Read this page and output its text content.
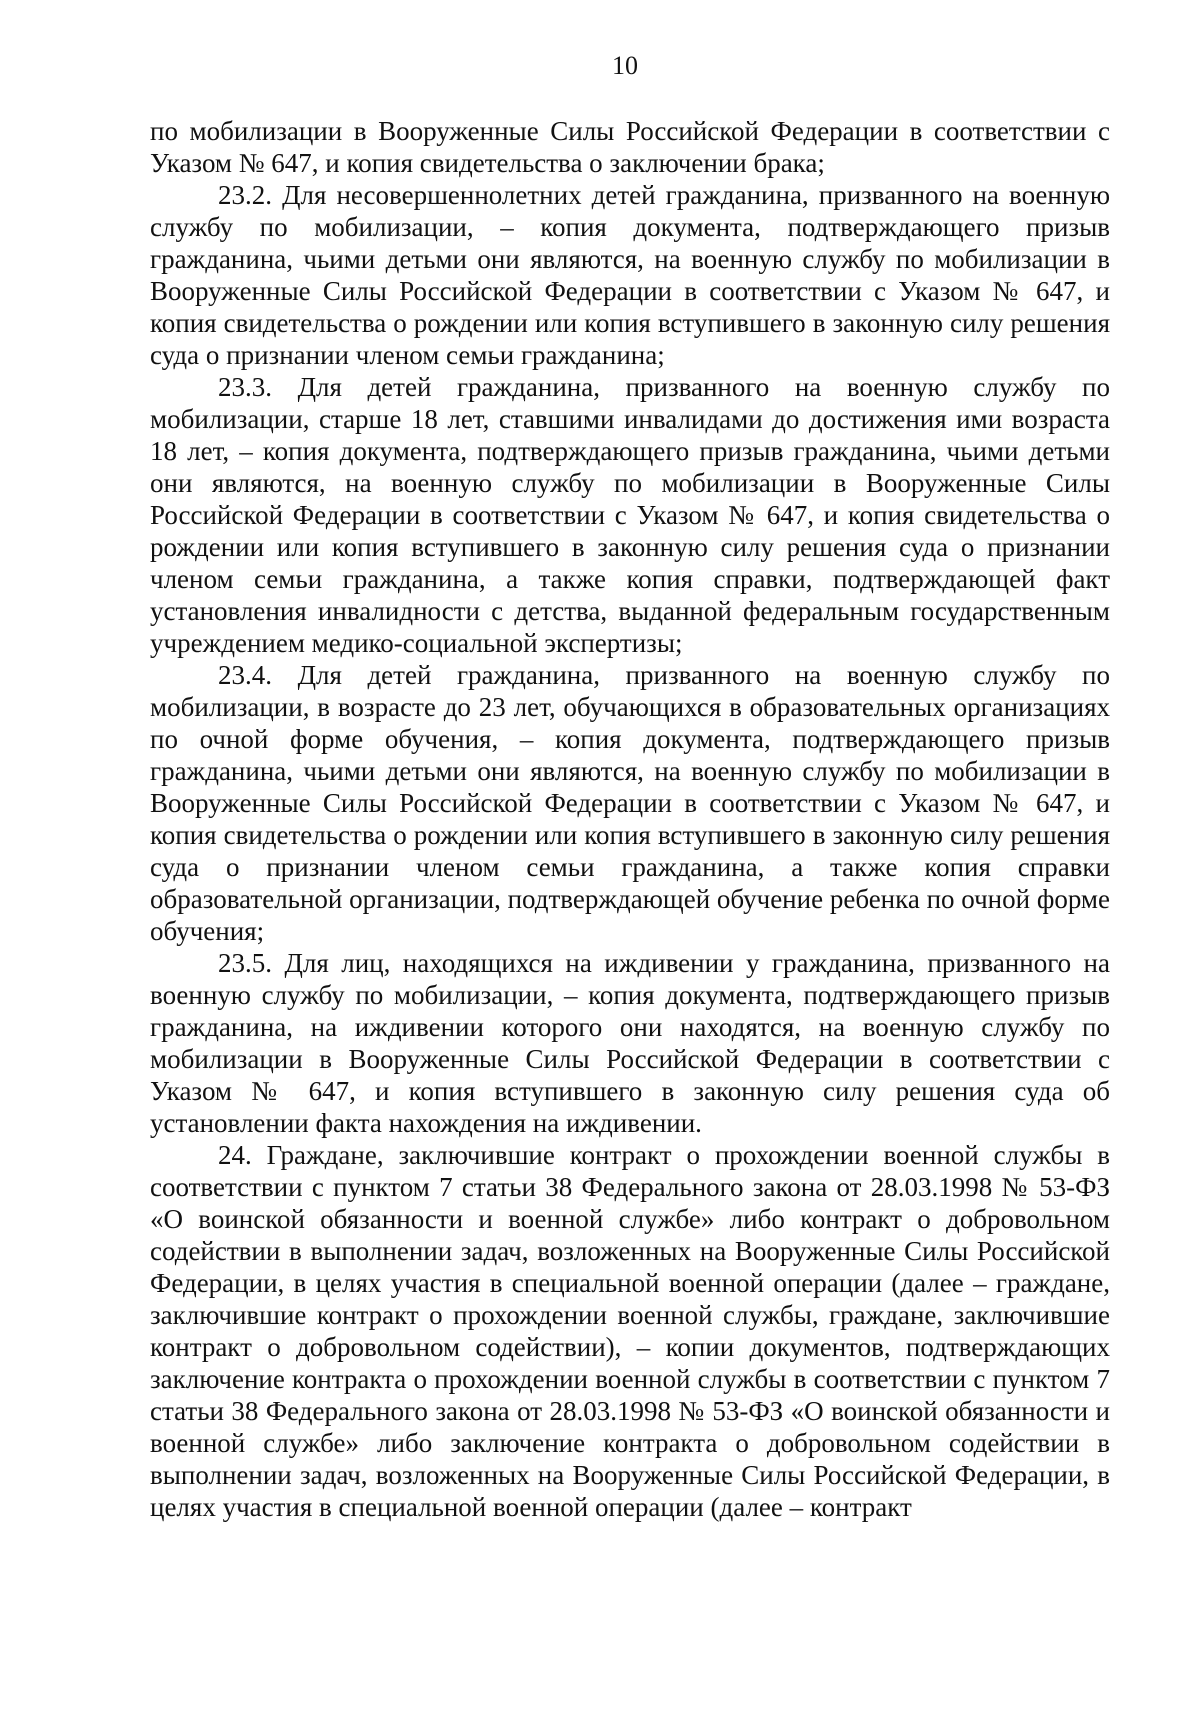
10

по мобилизации в Вооруженные Силы Российской Федерации в соответствии с Указом № 647, и копия свидетельства о заключении брака;

23.2. Для несовершеннолетних детей гражданина, призванного на военную службу по мобилизации, – копия документа, подтверждающего призыв гражданина, чьими детьми они являются, на военную службу по мобилизации в Вооруженные Силы Российской Федерации в соответствии с Указом № 647, и копия свидетельства о рождении или копия вступившего в законную силу решения суда о признании членом семьи гражданина;

23.3. Для детей гражданина, призванного на военную службу по мобилизации, старше 18 лет, ставшими инвалидами до достижения ими возраста 18 лет, – копия документа, подтверждающего призыв гражданина, чьими детьми они являются, на военную службу по мобилизации в Вооруженные Силы Российской Федерации в соответствии с Указом № 647, и копия свидетельства о рождении или копия вступившего в законную силу решения суда о признании членом семьи гражданина, а также копия справки, подтверждающей факт установления инвалидности с детства, выданной федеральным государственным учреждением медико-социальной экспертизы;

23.4. Для детей гражданина, призванного на военную службу по мобилизации, в возрасте до 23 лет, обучающихся в образовательных организациях по очной форме обучения, – копия документа, подтверждающего призыв гражданина, чьими детьми они являются, на военную службу по мобилизации в Вооруженные Силы Российской Федерации в соответствии с Указом № 647, и копия свидетельства о рождении или копия вступившего в законную силу решения суда о признании членом семьи гражданина, а также копия справки образовательной организации, подтверждающей обучение ребенка по очной форме обучения;

23.5. Для лиц, находящихся на иждивении у гражданина, призванного на военную службу по мобилизации, – копия документа, подтверждающего призыв гражданина, на иждивении которого они находятся, на военную службу по мобилизации в Вооруженные Силы Российской Федерации в соответствии с Указом № 647, и копия вступившего в законную силу решения суда об установлении факта нахождения на иждивении.

24. Граждане, заключившие контракт о прохождении военной службы в соответствии с пунктом 7 статьи 38 Федерального закона от 28.03.1998 № 53-ФЗ «О воинской обязанности и военной службе» либо контракт о добровольном содействии в выполнении задач, возложенных на Вооруженные Силы Российской Федерации, в целях участия в специальной военной операции (далее – граждане, заключившие контракт о прохождении военной службы, граждане, заключившие контракт о добровольном содействии), – копии документов, подтверждающих заключение контракта о прохождении военной службы в соответствии с пунктом 7 статьи 38 Федерального закона от 28.03.1998 № 53-ФЗ «О воинской обязанности и военной службе» либо заключение контракта о добровольном содействии в выполнении задач, возложенных на Вооруженные Силы Российской Федерации, в целях участия в специальной военной операции (далее – контракт
